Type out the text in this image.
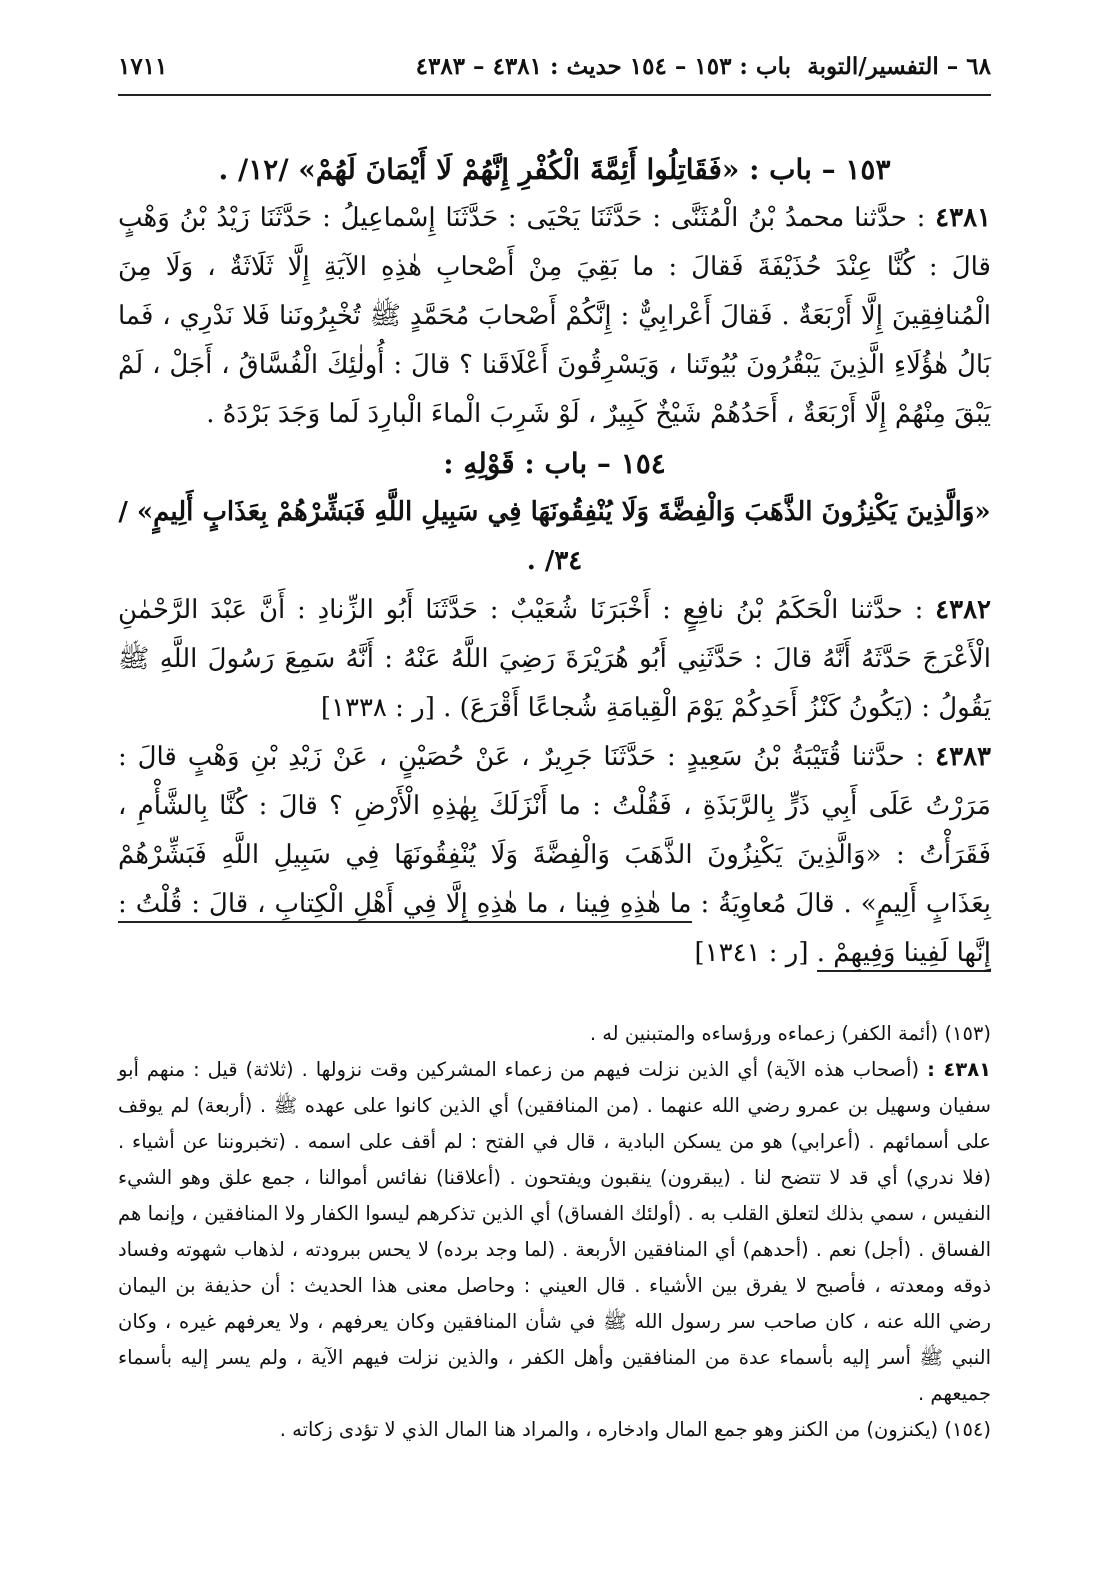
٦٨ – التفسير/التوبة
باب : ١٥٣ – ١٥٤ حديث : ٤٣٨١ – ٤٣٨٣
١٧١١

١٥٣ – باب : «فَقَاتِلُوا أَئِمَّةَ الْكُفْرِ إِنَّهُمْ لَا أَيْمَانَ لَهُمْ» /١٢/ .

٤٣٨١ : حدَّثنا محمدُ بْنُ الْمُثَنَّى : حَدَّثَنَا يَحْيَى : حَدَّثَنَا إِسْماعِيلُ : حَدَّثَنَا زَيْدُ بْنُ وَهْبٍ قالَ : كُنَّا عِنْدَ حُذَيْفَةَ فَقالَ : ما بَقِيَ مِنْ أَصْحابِ هٰذِهِ الآيَةِ إِلَّا ثَلَاثَةٌ ، وَلَا مِنَ الْمُنافِقِينَ إِلَّا أَرْبَعَةٌ . فَقالَ أَعْرابِيٌّ : إِنَّكُمْ أَصْحابَ مُحَمَّدٍ ﷺ تُخْبِرُونَنا فَلا نَدْرِي ، فَما بَالُ هٰؤُلَاءِ الَّذِينَ يَبْقُرُونَ بُيُوتَنا ، وَيَسْرِقُونَ أَعْلَاقَنا ؟ قالَ : أُولٰئِكَ الْفُسَّاقُ ، أَجَلْ ، لَمْ يَبْقَ مِنْهُمْ إِلَّا أَرْبَعَةٌ ، أَحَدُهُمْ شَيْخٌ كَبِيرٌ ، لَوْ شَرِبَ الْماءَ الْبارِدَ لَما وَجَدَ بَرْدَهُ .

١٥٤ – باب : قَوْلِهِ :

«وَالَّذِينَ يَكْنِزُونَ الذَّهَبَ وَالْفِضَّةَ وَلَا يُنْفِقُونَهَا فِي سَبِيلِ اللَّهِ فَبَشِّرْهُمْ بِعَذَابٍ أَلِيمٍ» /٣٤/ .

٤٣٨٢ : حدَّثنا الْحَكَمُ بْنُ نافِعٍ : أَخْبَرَنَا شُعَيْبٌ : حَدَّثَنَا أَبُو الزِّنادِ : أَنَّ عَبْدَ الرَّحْمٰنِ الْأَعْرَجَ حَدَّثَهُ أَنَّهُ قالَ : حَدَّثَنِي أَبُو هُرَيْرَةَ رَضِيَ اللَّهُ عَنْهُ : أَنَّهُ سَمِعَ رَسُولَ اللَّهِ ﷺ يَقُولُ : (يَكُونُ كَنْزُ أَحَدِكُمْ يَوْمَ الْقِيامَةِ شُجاعًا أَقْرَعَ) . [ر : ١٣٣٨]

٤٣٨٣ : حدَّثنا قُتَيْبَةُ بْنُ سَعِيدٍ : حَدَّثَنَا جَرِيرٌ ، عَنْ حُصَيْنٍ ، عَنْ زَيْدِ بْنِ وَهْبٍ قالَ : مَرَرْتُ عَلَى أَبِي ذَرٍّ بِالرَّبَذَةِ ، فَقُلْتُ : ما أَنْزَلَكَ بِهٰذِهِ الْأَرْضِ ؟ قالَ : كُنَّا بِالشَّأْمِ ، فَقَرَأْتُ : «وَالَّذِينَ يَكْنِزُونَ الذَّهَبَ وَالْفِضَّةَ وَلَا يُنْفِقُونَهَا فِي سَبِيلِ اللَّهِ فَبَشِّرْهُمْ بِعَذَابٍ أَلِيمٍ» . قالَ مُعاوِيَةُ : ما هٰذِهِ فِينا ، ما هٰذِهِ إِلَّا فِي أَهْلِ الْكِتابِ ، قالَ : قُلْتُ : إِنَّها لَفِينا وَفِيهِمْ . [ر : ١٣٤١]

(١٥٣) (أئمة الكفر) زعماءه ورؤساءه والمتبنين له .

٤٣٨١ : (أصحاب هذه الآية) أي الذين نزلت فيهم من زعماء المشركين وقت نزولها . (ثلاثة) قيل : منهم أبو سفيان وسهيل بن عمرو رضي الله عنهما . (من المنافقين) أي الذين كانوا على عهده ﷺ . (أربعة) لم يوقف على أسمائهم . (أعرابي) هو من يسكن البادية ، قال في الفتح : لم أقف على اسمه . (تخبروننا عن أشياء . (فلا ندري) أي قد لا تتضح لنا . (يبقرون) ينقبون ويفتحون . (أعلاقنا) نفائس أموالنا ، جمع علق وهو الشيء النفيس ، سمي بذلك لتعلق القلب به . (أولئك الفساق) أي الذين تذكرهم ليسوا الكفار ولا المنافقين ، وإنما هم الفساق . (أجل) نعم . (أحدهم) أي المنافقين الأربعة . (لما وجد برده) لا يحس ببرودته ، لذهاب شهوته وفساد ذوقه ومعدته ، فأصبح لا يفرق بين الأشياء . قال العيني : وحاصل معنى هذا الحديث : أن حذيفة بن اليمان رضي الله عنه ، كان صاحب سر رسول الله ﷺ في شأن المنافقين وكان يعرفهم ، ولا يعرفهم غيره ، وكان النبي ﷺ أسر إليه بأسماء عدة من المنافقين وأهل الكفر ، والذين نزلت فيهم الآية ، ولم يسر إليه بأسماء جميعهم .

(١٥٤) (يكنزون) من الكنز وهو جمع المال وادخاره ، والمراد هنا المال الذي لا تؤدى زكاته .
